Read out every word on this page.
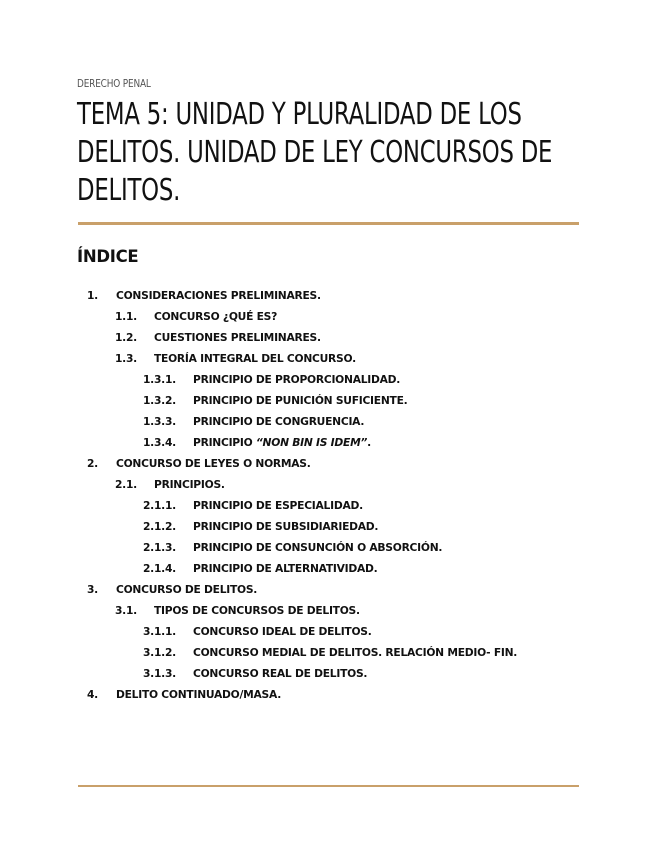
DERECHO PENAL
TEMA 5: UNIDAD Y PLURALIDAD DE LOS
DELITOS. UNIDAD DE LEY CONCURSOS DE
DELITOS.
ÍNDICE
1. CONSIDERACIONES PRELIMINARES.
1.1. CONCURSO ¿QUÉ ES?
1.2. CUESTIONES PRELIMINARES.
1.3. TEORÍA INTEGRAL DEL CONCURSO.
1.3.1. PRINCIPIO DE PROPORCIONALIDAD.
1.3.2. PRINCIPIO DE PUNICIÓN SUFICIENTE.
1.3.3. PRINCIPIO DE CONGRUENCIA.
1.3.4. PRINCIPIO “NON BIN IS IDEM”.
2. CONCURSO DE LEYES O NORMAS.
2.1. PRINCIPIOS.
2.1.1. PRINCIPIO DE ESPECIALIDAD.
2.1.2. PRINCIPIO DE SUBSIDIARIEDAD.
2.1.3. PRINCIPIO DE CONSUNCIÓN O ABSORCIÓN.
2.1.4. PRINCIPIO DE ALTERNATIVIDAD.
3. CONCURSO DE DELITOS.
3.1. TIPOS DE CONCURSOS DE DELITOS.
3.1.1. CONCURSO IDEAL DE DELITOS.
3.1.2. CONCURSO MEDIAL DE DELITOS. RELACIÓN MEDIO- FIN.
3.1.3. CONCURSO REAL DE DELITOS.
4. DELITO CONTINUADO/MASA.
